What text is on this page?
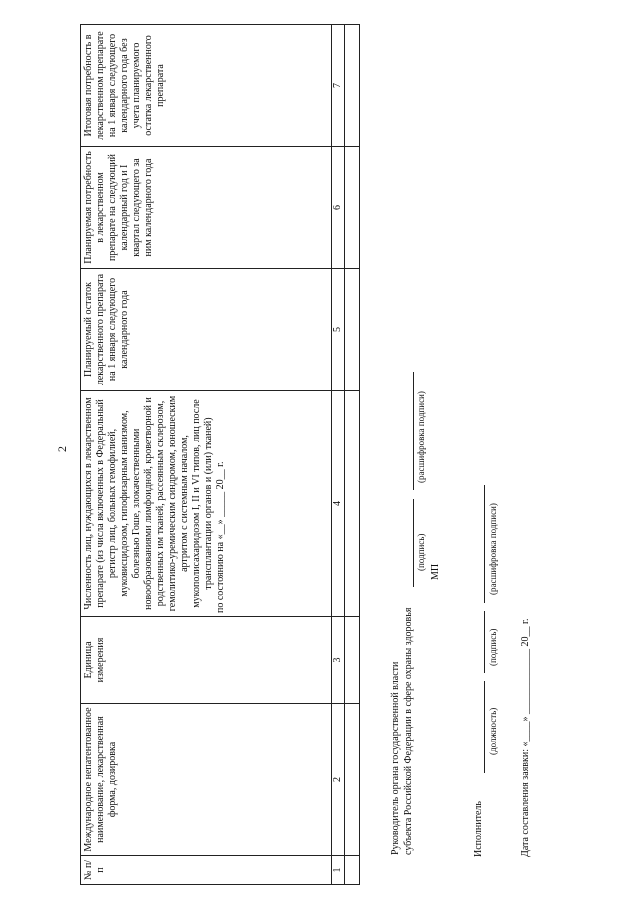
2
№ п/п	Международное непатентованное наименование, лекарственная форма, дозировка	Единица измерения	Численность лиц, нуждающихся в лекарственном препарате (из числа включенных в Федеральный регистр лиц, больных гемофилией, муковисцидозом, гипофизарным нанизмом, болезнью Гоше, злокачественными новообразованиями лимфоидной, кроветворной и родственных им тканей, рассеянным склерозом, гемолитико-уремическим синдромом, юношеским артритом с системным началом, мукополисахаридозом I, II и VI типов, лиц после трансплантации органов и (или) тканей) по состоянию на «__» _____ 20__ г.	Планируемый остаток лекарственного препарата на 1 января следующего календарного года	Планируемая потребность в лекарственном препарате на следующий календарный год и I квартал следующего за ним календарного года	Итоговая потребность в лекарственном препарате на 1 января следующего календарного года без учета планируемого остатка лекарственного препарата
1	2	3	4	5	6	7

Руководитель органа государственной власти субъекта Российской Федерации в сфере охраны здоровья
(подпись)
(расшифровка подписи)
МП
Исполнитель
(должность)
(подпись)
(расшифровка подписи)
Дата составления заявки: «____» _____________ 20__ г.
